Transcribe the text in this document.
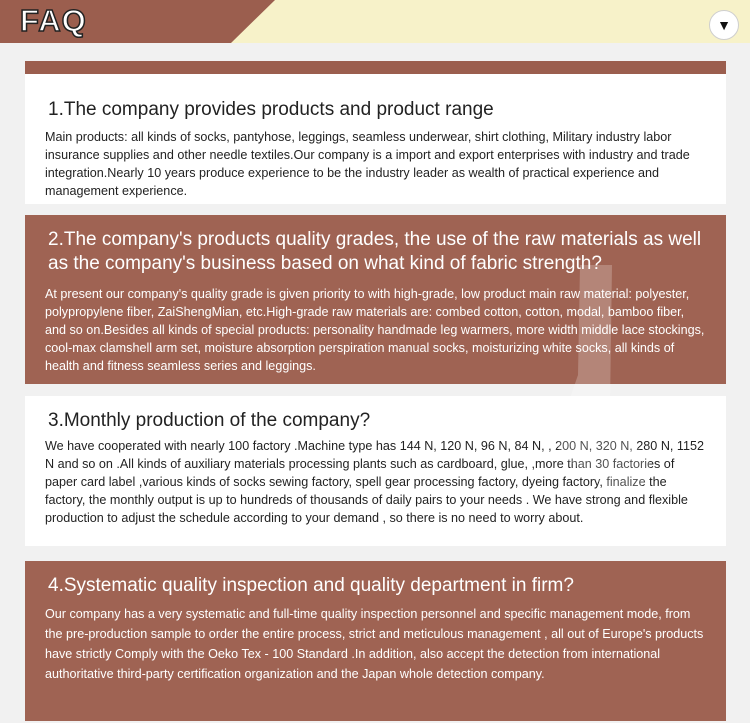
FAQ	▼
1.The company provides products and product range

Main products: all kinds of socks, pantyhose, leggings, seamless underwear, shirt clothing, Military industry labor insurance supplies and other needle textiles.Our company is a import and export enterprises with industry and trade integration.Nearly 10 years produce experience to be the industry leader as wealth of practical experience and management experience.

2.The company's products quality grades, the use of the raw materials as well as the company's business based on what kind of fabric strength?

At present our company's quality grade is given priority to with high-grade, low product main raw material: polyester, polypropylene fiber, ZaiShengMian, etc.High-grade raw materials are: combed cotton, cotton, modal, bamboo fiber, and so on.Besides all kinds of special products: personality handmade leg warmers, more width middle lace stockings, cool-max clamshell arm set, moisture absorption perspiration manual socks, moisturizing white socks, all kinds of health and fitness seamless series and leggings.

3.Monthly production of the company?

We have cooperated with nearly 100 factory .Machine type has 144 N, 120 N, 96 N, 84 N, , 200 N, 320 N, 280 N, 1152 N and so on .All kinds of auxiliary materials processing plants such as cardboard, glue, ,more than 30 factories of paper card label ,various kinds of socks sewing factory, spell gear processing factory, dyeing factory, finalize the factory, the monthly output is up to hundreds of thousands of daily pairs to your needs . We have strong and flexible production to adjust the schedule according to your demand , so there is no need to worry about.

4.Systematic quality inspection and quality department in firm?

Our company has a very systematic and full-time quality inspection personnel and specific management mode, from the pre-production sample to order the entire process, strict and meticulous management , all out of Europe's products have strictly Comply with the Oeko Tex - 100 Standard .In addition, also accept the detection from international authoritative third-party certification organization and the Japan whole detection company.
